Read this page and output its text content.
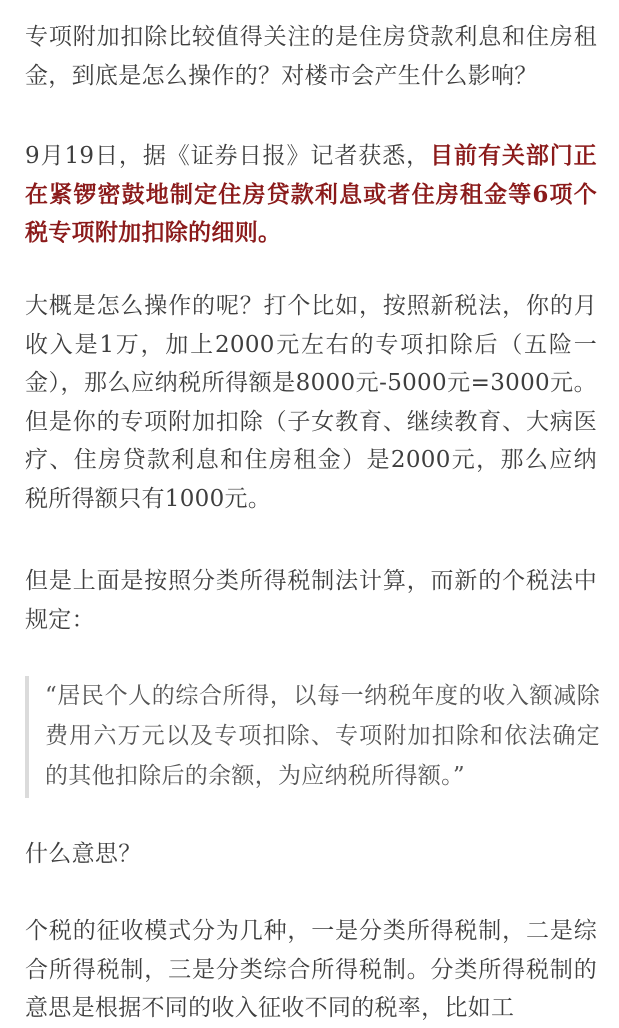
专项附加扣除比较值得关注的是住房贷款利息和住房租金，到底是怎么操作的？对楼市会产生什么影响？

9月19日，据《证券日报》记者获悉，目前有关部门正在紧锣密鼓地制定住房贷款利息或者住房租金等6项个税专项附加扣除的细则。

大概是怎么操作的呢？打个比如，按照新税法，你的月收入是1万，加上2000元左右的专项扣除后（五险一金），那么应纳税所得额是8000元-5000元=3000元。但是你的专项附加扣除（子女教育、继续教育、大病医疗、住房贷款利息和住房租金）是2000元，那么应纳税所得额只有1000元。

但是上面是按照分类所得税制法计算，而新的个税法中规定：

“居民个人的综合所得，以每一纳税年度的收入额减除费用六万元以及专项扣除、专项附加扣除和依法确定的其他扣除后的余额，为应纳税所得额。”

什么意思？

个税的征收模式分为几种，一是分类所得税制，二是综合所得税制，三是分类综合所得税制。分类所得税制的意思是根据不同的收入征收不同的税率，比如工
